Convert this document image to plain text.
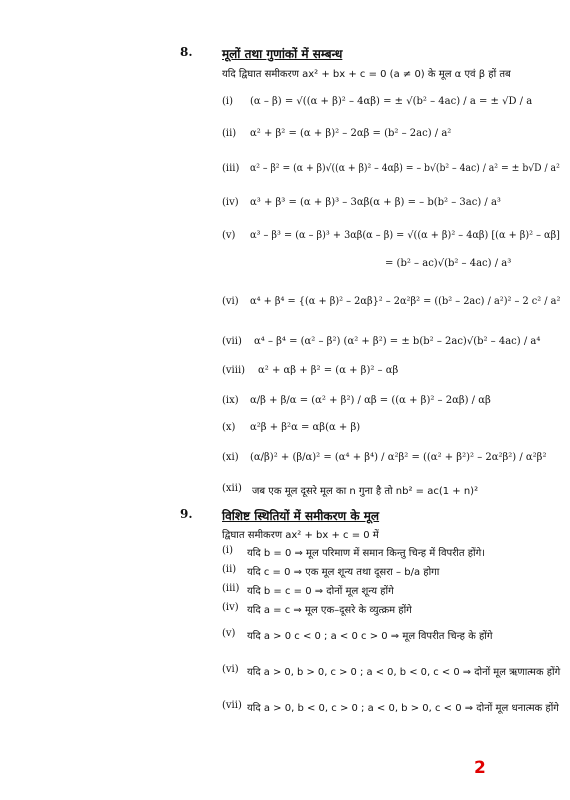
8. मूलों तथा गुणांकों में सम्बन्ध
यदि द्विघात समीकरण ax² + bx + c = 0 (a ≠ 0) के मूल α एवं β हों तब
(i)	(α – β) = √((α + β)² – 4αβ) = ± √(b² – 4ac) / a = ± √D / a
(ii)	α² + β² = (α + β)² – 2αβ = (b² – 2ac) / a²
(iii)	α² – β² = (α + β)√((α + β)² – 4αβ) = – b√(b² – 4ac) / a² = ± b√D / a²
(iv)	α³ + β³ = (α + β)³ – 3αβ(α + β) = – b(b² – 3ac) / a³
(v)	α³ – β³ = (α – β)³ + 3αβ(α – β) = √((α + β)² – 4αβ) [(α + β)² – αβ]
= (b² – ac)√(b² – 4ac) / a³
(vi)	α⁴ + β⁴ = {(α + β)² – 2αβ}² – 2α²β² = ((b² – 2ac) / a²)² – 2 c² / a²
(vii)	α⁴ – β⁴ = (α² – β²) (α² + β²) = ± b(b² – 2ac)√(b² – 4ac) / a⁴
(viii)	α² + αβ + β² = (α + β)² – αβ
(ix)	α/β + β/α = (α² + β²) / αβ = ((α + β)² – 2αβ) / αβ
(x)	α²β + β²α = αβ(α + β)
(xi)	(α/β)² + (β/α)² = (α⁴ + β⁴) / α²β² = ((α² + β²)² – 2α²β²) / α²β²
(xii)	जब एक मूल दूसरे मूल का n गुना है तो nb² = ac(1 + n)²
9. विशिष्ट स्थितियों में समीकरण के मूल
द्विघात समीकरण ax² + bx + c = 0 में
(i)	यदि b = 0 ⇒ मूल परिमाण में समान किन्तु चिन्ह में विपरीत होंगे।
(ii)	यदि c = 0 ⇒ एक मूल शून्य तथा दूसरा – b/a होगा
(iii) यदि b = c = 0 ⇒ दोनों मूल शून्य होंगे
(iv) यदि a = c ⇒ मूल एक–दूसरे के व्युत्क्रम होंगे
(v)	यदि a > 0 c < 0 ; a < 0 c > 0 ⇒ मूल विपरीत चिन्ह के होंगे
(vi) यदि a > 0, b > 0, c > 0 ; a < 0, b < 0, c < 0 ⇒ दोनों मूल ऋणात्मक होंगे
(vii) यदि a > 0, b < 0, c > 0 ; a < 0, b > 0, c < 0 ⇒ दोनों मूल धनात्मक होंगे
2
